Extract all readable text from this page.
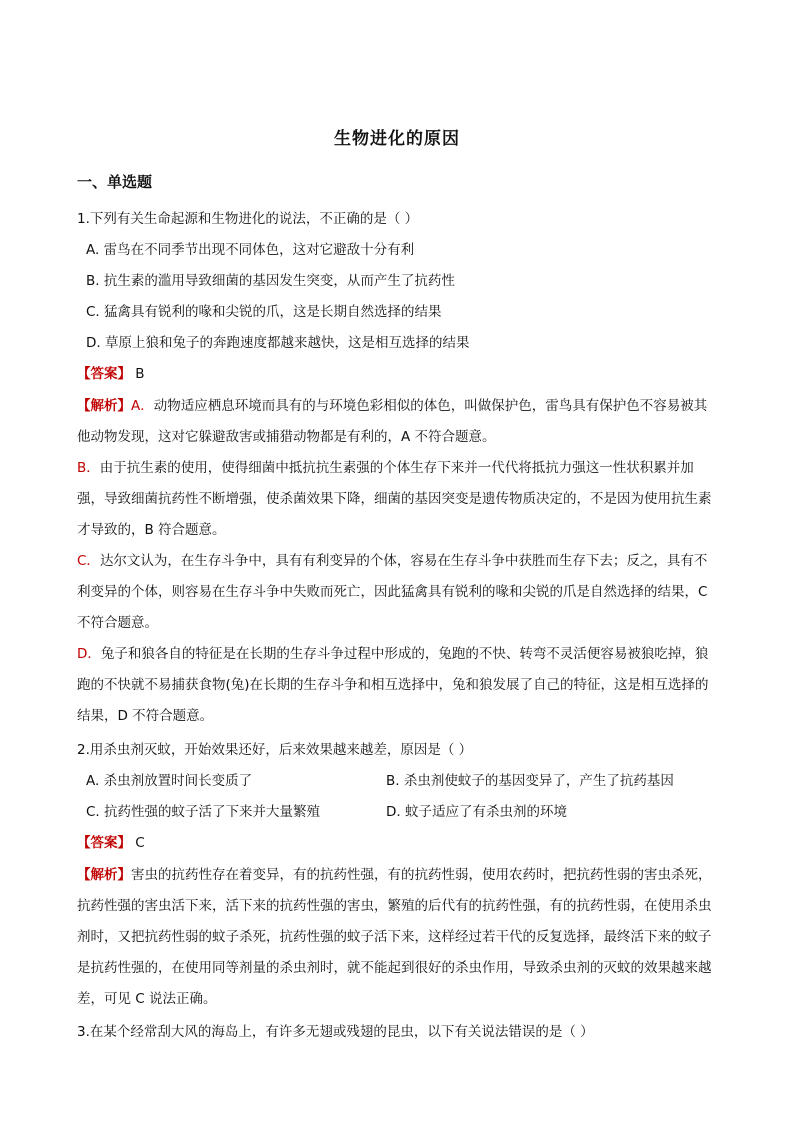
生物进化的原因
一、单选题
1.下列有关生命起源和生物进化的说法，不正确的是（ ）
A. 雷鸟在不同季节出现不同体色，这对它避敌十分有利
B. 抗生素的滥用导致细菌的基因发生突变，从而产生了抗药性
C. 猛禽具有锐利的喙和尖锐的爪，这是长期自然选择的结果
D. 草原上狼和兔子的奔跑速度都越来越快，这是相互选择的结果
【答案】 B
【解析】A．动物适应栖息环境而具有的与环境色彩相似的体色，叫做保护色，雷鸟具有保护色不容易被其他动物发现，这对它躲避敌害或捕猎动物都是有利的，A 不符合题意。
B．由于抗生素的使用，使得细菌中抵抗抗生素强的个体生存下来并一代代将抵抗力强这一性状积累并加强，导致细菌抗药性不断增强，使杀菌效果下降，细菌的基因突变是遗传物质决定的，不是因为使用抗生素才导致的，B 符合题意。
C．达尔文认为，在生存斗争中，具有有利变异的个体，容易在生存斗争中获胜而生存下去；反之，具有不利变异的个体，则容易在生存斗争中失败而死亡，因此猛禽具有锐利的喙和尖锐的爪是自然选择的结果，C 不符合题意。
D．兔子和狼各自的特征是在长期的生存斗争过程中形成的，兔跑的不快、转弯不灵活便容易被狼吃掉，狼跑的不快就不易捕获食物(兔)在长期的生存斗争和相互选择中，兔和狼发展了自己的特征，这是相互选择的结果，D 不符合题意。
2.用杀虫剂灭蚊，开始效果还好，后来效果越来越差，原因是（ ）
A. 杀虫剂放置时间长变质了	B. 杀虫剂使蚊子的基因变异了，产生了抗药基因
C. 抗药性强的蚊子活了下来并大量繁殖	D. 蚊子适应了有杀虫剂的环境
【答案】 C
【解析】害虫的抗药性存在着变异，有的抗药性强，有的抗药性弱，使用农药时，把抗药性弱的害虫杀死，抗药性强的害虫活下来，活下来的抗药性强的害虫，繁殖的后代有的抗药性强，有的抗药性弱，在使用杀虫剂时，又把抗药性弱的蚊子杀死，抗药性强的蚊子活下来，这样经过若干代的反复选择，最终活下来的蚊子是抗药性强的，在使用同等剂量的杀虫剂时，就不能起到很好的杀虫作用，导致杀虫剂的灭蚊的效果越来越差，可见 C 说法正确。
3.在某个经常刮大风的海岛上，有许多无翅或残翅的昆虫，以下有关说法错误的是（ ）
